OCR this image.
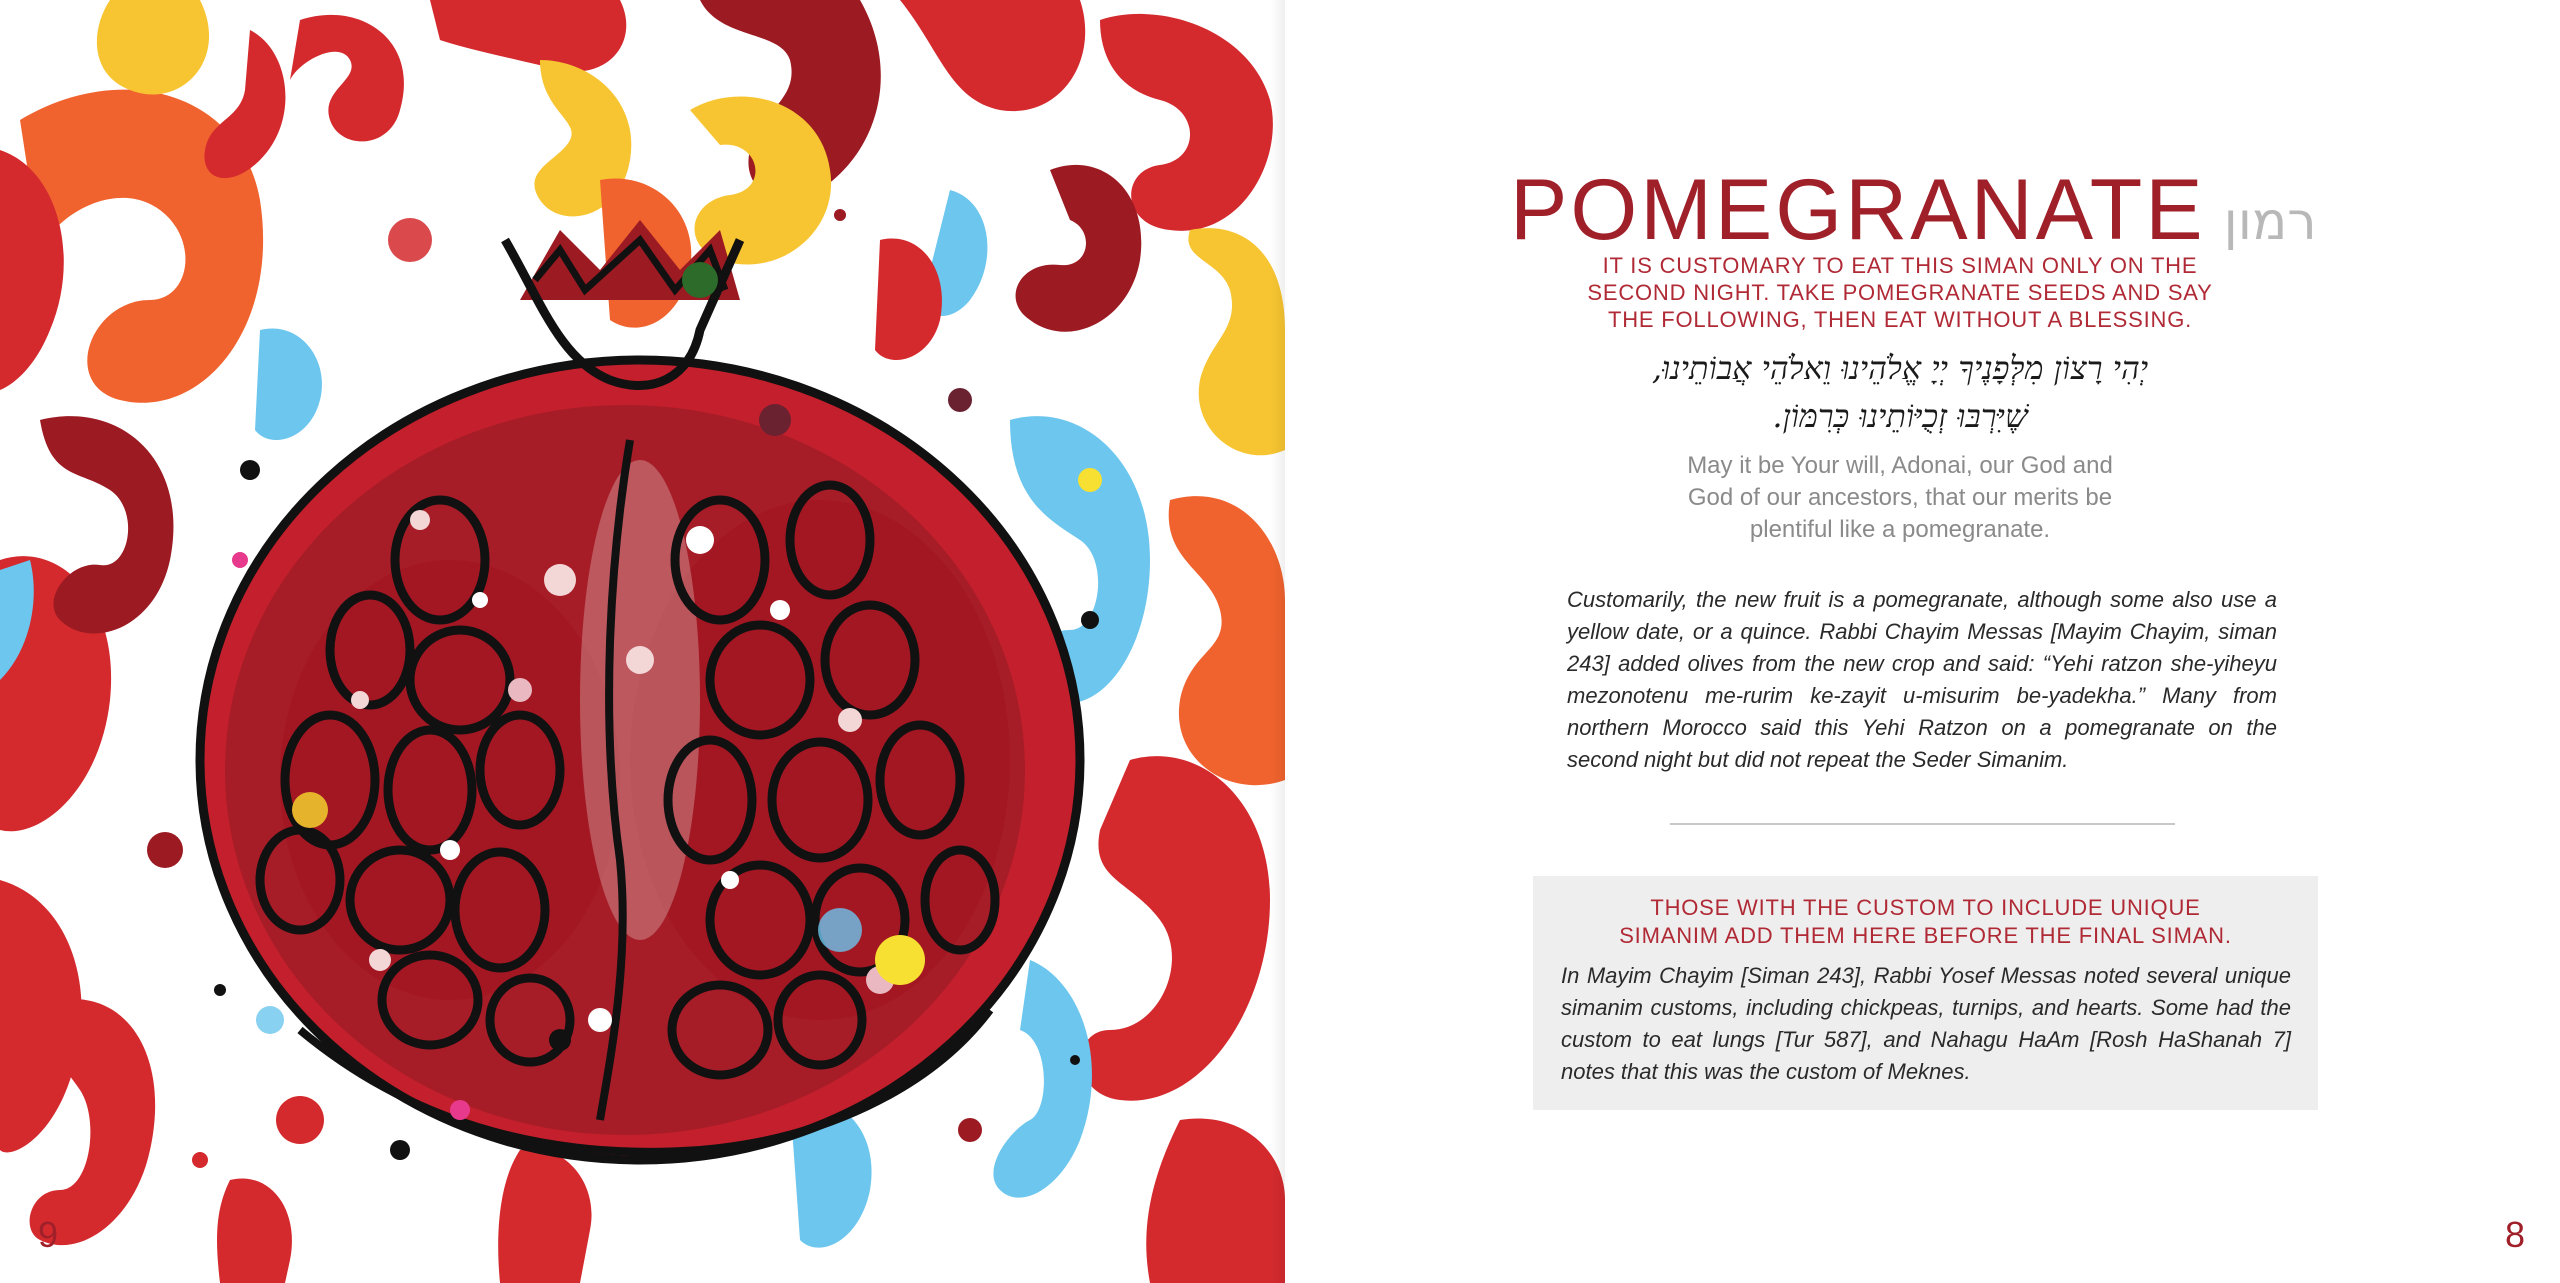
9
POMEGRANATE רמון
IT IS CUSTOMARY TO EAT THIS SIMAN ONLY ON THE
SECOND NIGHT. TAKE POMEGRANATE SEEDS AND SAY
THE FOLLOWING, THEN EAT WITHOUT A BLESSING.
יְהִי רָצוֹן מִלְּפָנֶיךָ יְיָ אֱלֹהֵינוּ וֵאלֹהֵי אֲבוֹתֵינוּ,
שֶׁיִּרְבּוּ זְכֻיּוֹתֵינוּ כְּרִמּוֹן.
May it be Your will, Adonai, our God and
God of our ancestors, that our merits be
plentiful like a pomegranate.
Customarily, the new fruit is a pomegranate, although some also use a yellow date, or a quince. Rabbi Chayim Messas [Mayim Chayim, siman 243] added olives from the new crop and said: “Yehi ratzon she-yiheyu mezonotenu me-rurim ke-zayit u-misurim be-yadekha.” Many from northern Morocco said this Yehi Ratzon on a pomegranate on the second night but did not repeat the Seder Simanim.
THOSE WITH THE CUSTOM TO INCLUDE UNIQUE
SIMANIM ADD THEM HERE BEFORE THE FINAL SIMAN.
In Mayim Chayim [Siman 243], Rabbi Yosef Messas noted several unique simanim customs, including chickpeas, turnips, and hearts. Some had the custom to eat lungs [Tur 587], and Nahagu HaAm [Rosh HaShanah 7] notes that this was the custom of Meknes.
8
